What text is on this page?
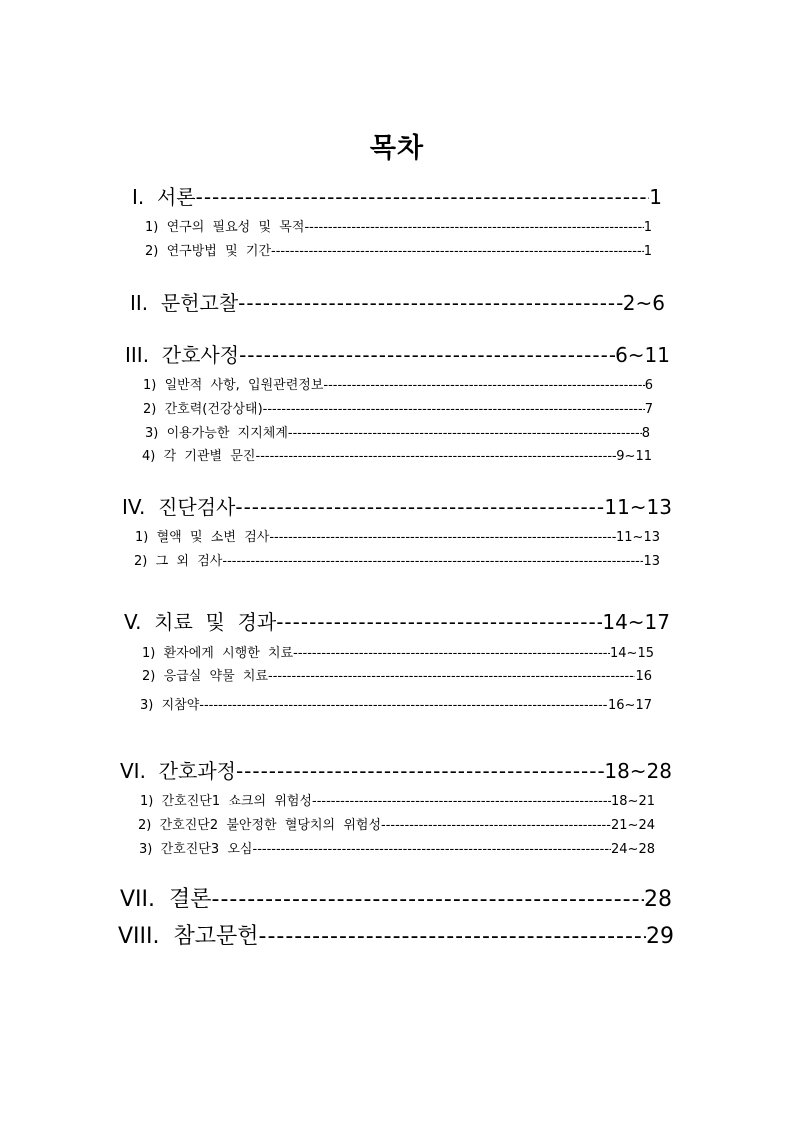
목차
I.  서론 -----	1
1)  연구의  필요성  및  목적 -----	1
2)  연구방법  및  기간 -----	1
II.  문헌고찰 -----	2~6
III.  간호사정 -----	6~11
1)  일반적  사항,  입원관련정보 -----	6
2)  간호력(건강상태) -----	7
3)  이용가능한  지지체계 -----	8
4)  각  기관별  문진 -----	9~11
IV.  진단검사 -----	11~13
1)  혈액  및  소변  검사 -----	11~13
2)  그  외  검사 -----	13
V.  치료  및  경과 -----	14~17
1)  환자에게  시행한  치료 -----	14~15
2)  응급실  약물  치료 -----	16
3)  지참약 -----	16~17
VI.  간호과정 -----	18~28
1)  간호진단1  쇼크의  위험성 -----	18~21
2)  간호진단2  불안정한  혈당치의  위험성 -----	21~24
3)  간호진단3  오심 -----	24~28
VII.  결론 -----	28
VIII.  참고문헌 -----	29
